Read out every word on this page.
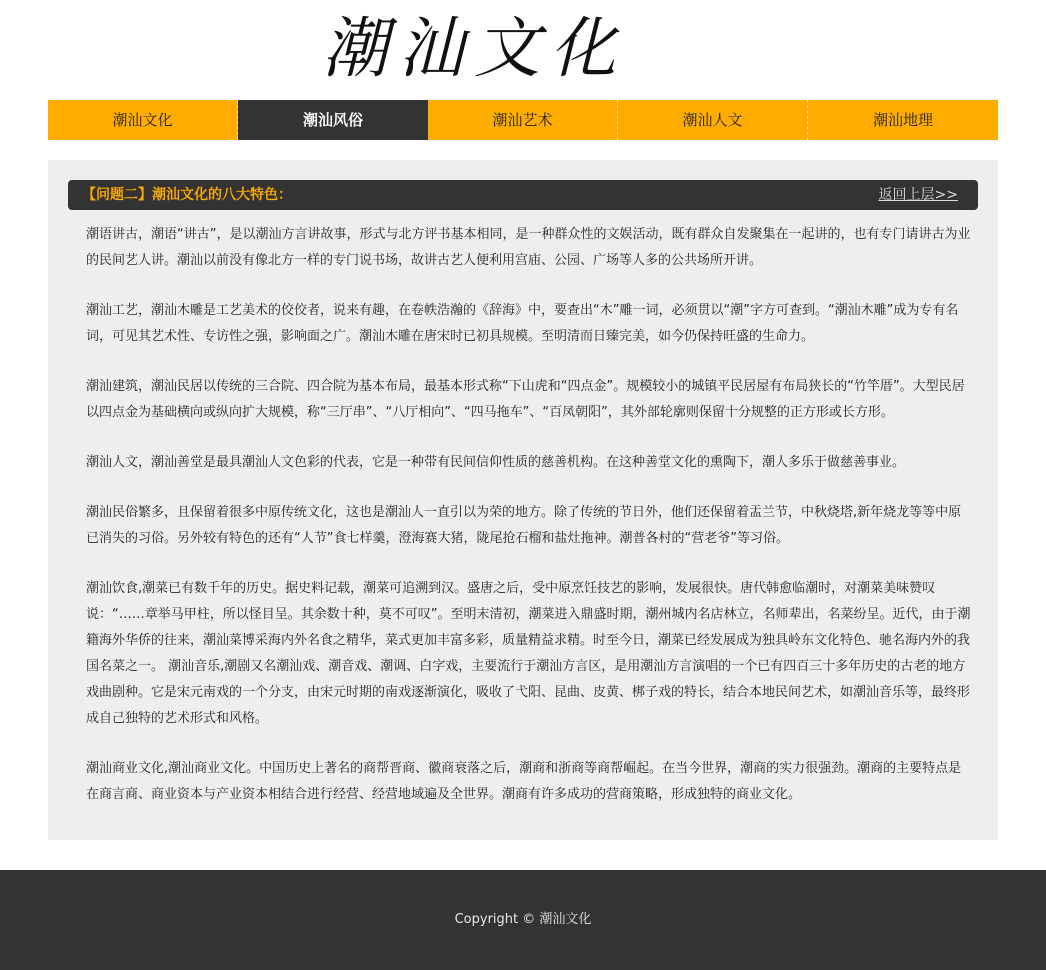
潮汕文化
潮汕文化	潮汕风俗	潮汕艺术	潮汕人文	潮汕地理
【问题二】潮汕文化的八大特色：	返回上层>>

潮语讲古，潮语“讲古”，是以潮汕方言讲故事，形式与北方评书基本相同，是一种群众性的文娱活动，既有群众自发聚集在一起讲的，也有专门请讲古为业的民间艺人讲。潮汕以前没有像北方一样的专门说书场，故讲古艺人便利用宫庙、公园、广场等人多的公共场所开讲。

潮汕工艺，潮汕木雕是工艺美术的佼佼者，说来有趣，在卷帙浩瀚的《辞海》中，要查出“木”雕一词，必须贯以“潮”字方可查到。“潮汕木雕”成为专有名词，可见其艺术性、专访性之强，影响面之广。潮汕木雕在唐宋时已初具规模。至明清而日臻完美，如今仍保持旺盛的生命力。

潮汕建筑，潮汕民居以传统的三合院、四合院为基本布局，最基本形式称“下山虎和“四点金”。规模较小的城镇平民居屋有布局狭长的“竹竿厝”。大型民居以四点金为基础横向或纵向扩大规模，称“三厅串”、“八厅相向”、“四马拖车”、“百凤朝阳”，其外部轮廓则保留十分规整的正方形或长方形。

潮汕人文，潮汕善堂是最具潮汕人文色彩的代表，它是一种带有民间信仰性质的慈善机构。在这种善堂文化的熏陶下，潮人多乐于做慈善事业。

潮汕民俗繁多，且保留着很多中原传统文化，这也是潮汕人一直引以为荣的地方。除了传统的节日外，他们还保留着盂兰节，中秋烧塔,新年烧龙等等中原已消失的习俗。另外较有特色的还有“人节”食七样羹，澄海赛大猪，陇尾抢石榴和盐灶拖神。潮普各村的“营老爷”等习俗。

潮汕饮食,潮菜已有数千年的历史。据史料记载，潮菜可追溯到汉。盛唐之后，受中原烹饪技艺的影响，发展很快。唐代韩愈临潮时，对潮菜美味赞叹说：“……章举马甲柱，所以怪目呈。其余数十种，莫不可叹”。至明末清初，潮菜进入鼎盛时期，潮州城内名店林立，名师辈出，名菜纷呈。近代，由于潮籍海外华侨的往来，潮汕菜博采海内外名食之精华，菜式更加丰富多彩，质量精益求精。时至今日，潮菜已经发展成为独具岭东文化特色、驰名海内外的我国名菜之一。 潮汕音乐,潮剧又名潮汕戏、潮音戏、潮调、白字戏，主要流行于潮汕方言区，是用潮汕方言演唱的一个已有四百三十多年历史的古老的地方戏曲剧种。它是宋元南戏的一个分支，由宋元时期的南戏逐渐演化，吸收了弋阳、昆曲、皮黄、梆子戏的特长，结合本地民间艺术，如潮汕音乐等，最终形成自己独特的艺术形式和风格。

潮汕商业文化,潮汕商业文化。中国历史上著名的商帮晋商、徽商衰落之后，潮商和浙商等商帮崛起。在当今世界，潮商的实力很强劲。潮商的主要特点是在商言商、商业资本与产业资本相结合进行经营、经营地域遍及全世界。潮商有许多成功的营商策略，形成独特的商业文化。

Copyright © 潮汕文化
